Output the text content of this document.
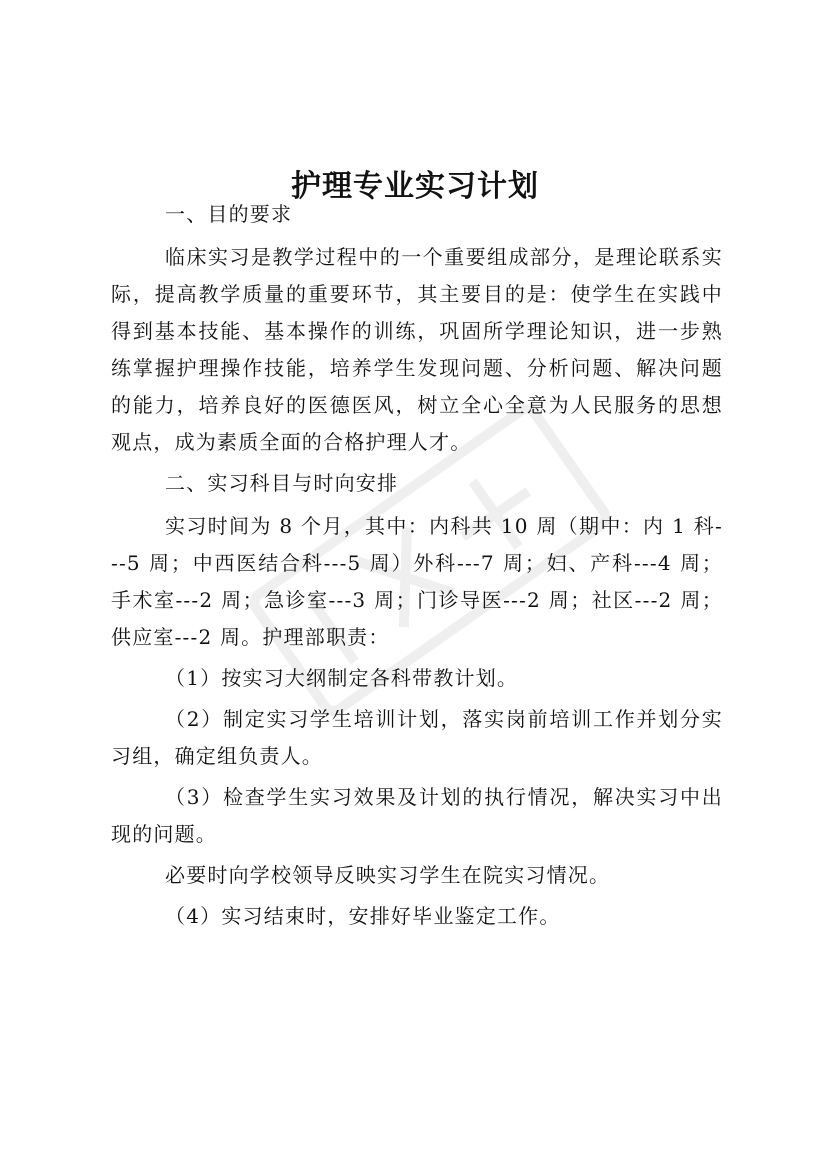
护理专业实习计划

一、目的要求

临床实习是教学过程中的一个重要组成部分，是理论联系实际，提高教学质量的重要环节，其主要目的是：使学生在实践中得到基本技能、基本操作的训练，巩固所学理论知识，进一步熟练掌握护理操作技能，培养学生发现问题、分析问题、解决问题的能力，培养良好的医德医风，树立全心全意为人民服务的思想观点，成为素质全面的合格护理人才。

二、实习科目与时向安排

实习时间为 8 个月，其中：内科共 10 周（期中：内 1 科---5 周；中西医结合科---5 周）外科---7 周；妇、产科---4 周；手术室---2 周；急诊室---3 周；门诊导医---2 周；社区---2 周；供应室---2 周。护理部职责：

（1）按实习大纲制定各科带教计划。

（2）制定实习学生培训计划，落实岗前培训工作并划分实习组，确定组负责人。

（3）检查学生实习效果及计划的执行情况，解决实习中出现的问题。

必要时向学校领导反映实习学生在院实习情况。

（4）实习结束时，安排好毕业鉴定工作。
